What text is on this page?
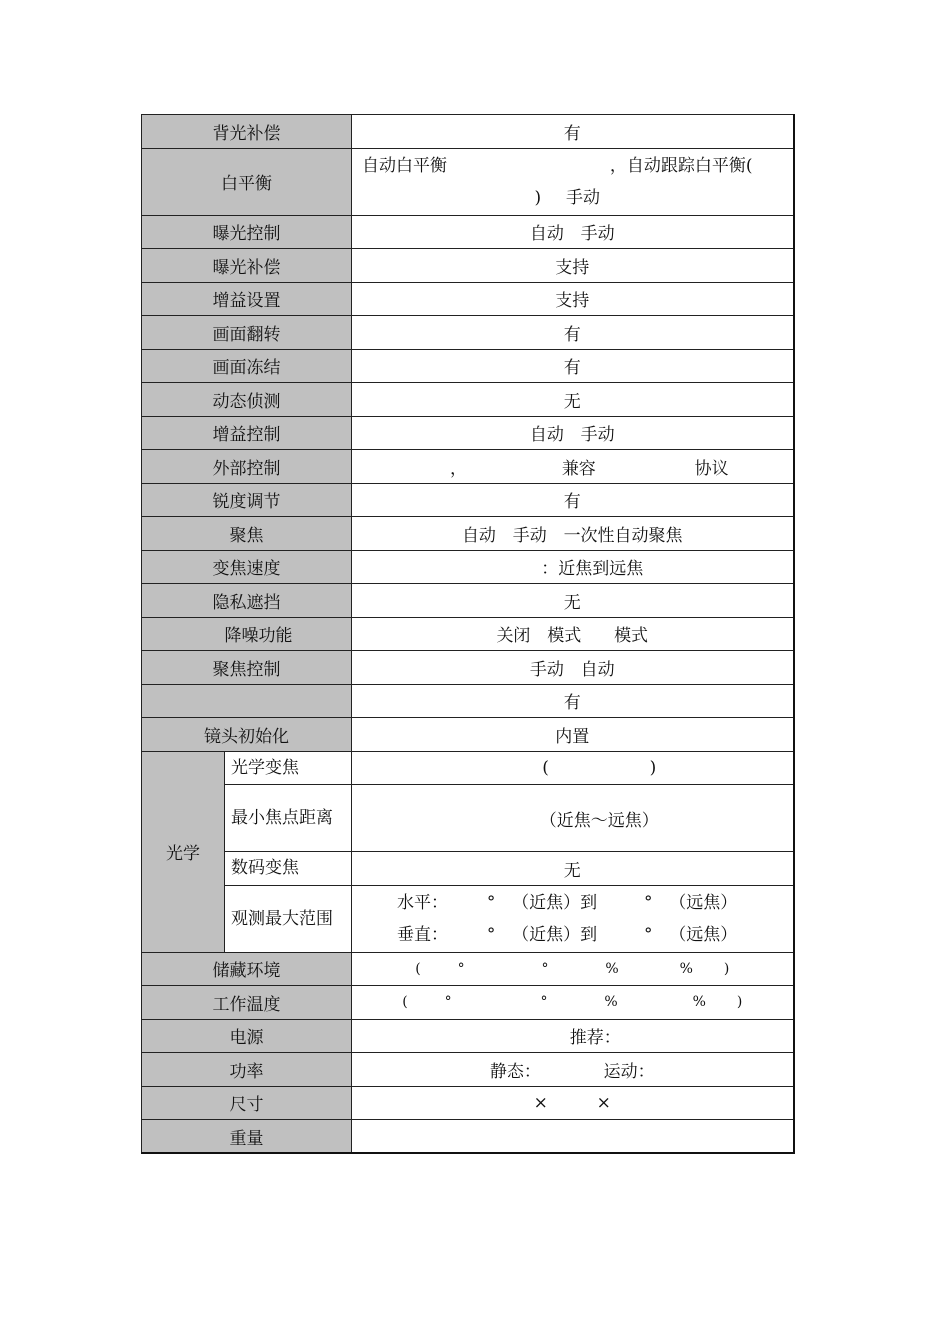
背光补偿		有
白平衡		自动白平衡 ，自动跟踪白平衡(
) 手动

曝光控制		自动 手动
曝光补偿		支持
增益设置		支持
画面翻转		有
画面冻结		有
动态侦测		无
增益控制		自动 手动
外部控制		， 兼容 协议
锐度调节		有
聚焦		自动 手动 一次性自动聚焦
变焦速度		：近焦到远焦
隐私遮挡		无
降噪功能		关闭 模式 模式
聚焦控制		手动 自动
		有
镜头初始化		内置
光学	光学变焦	( )
	最小焦点距离	（近焦～远焦）
	数码变焦	无
	观测最大范围	水平： ° （近焦）到 ° （远焦）
垂直： ° （近焦）到 ° （远焦）

储藏环境		( ° ° % % )
工作温度		( ° ° % % )
电源		推荐：
功率		静态： 运动：
尺寸		× ×
重量		
